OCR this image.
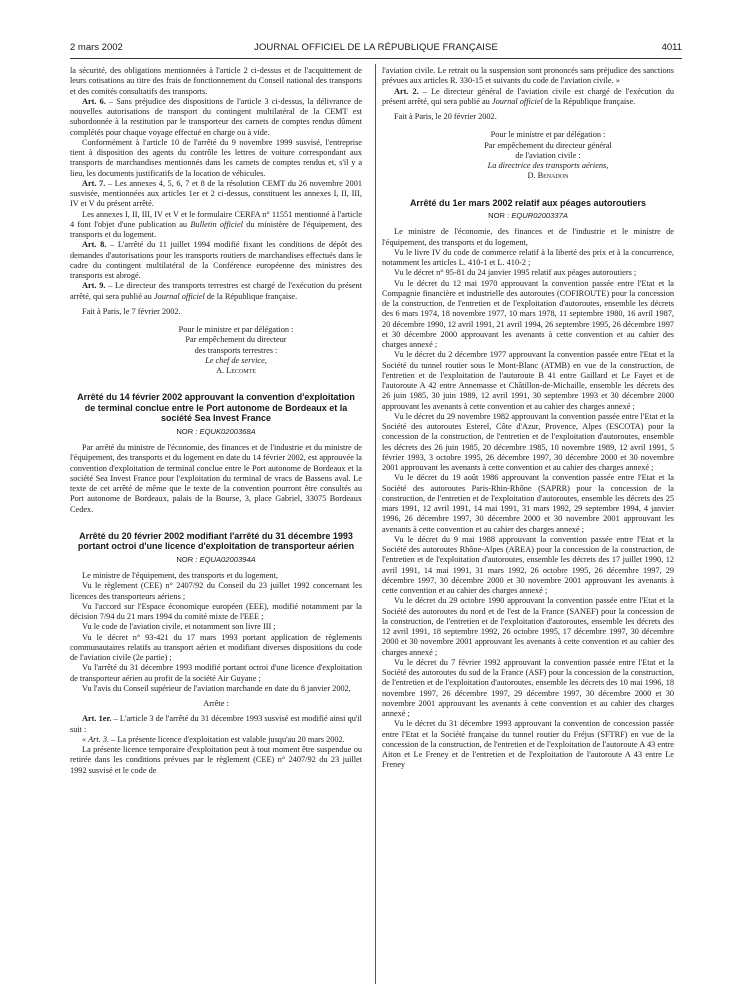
2 mars 2002	JOURNAL OFFICIEL DE LA RÉPUBLIQUE FRANÇAISE	4011

la sécurité, des obligations mentionnées à l'article 2 ci-dessus et de l'acquittement de leurs cotisations au titre des frais de fonctionnement du Conseil national des transports et des comités consultatifs des transports.

Art. 6. – Sans préjudice des dispositions de l'article 3 ci-dessus, la délivrance de nouvelles autorisations de transport du contingent multilatéral de la CEMT est subordonnée à la restitution par le transporteur des carnets de comptes rendus dûment complétés pour chaque voyage effectué en charge ou à vide.

Conformément à l'article 10 de l'arrêté du 9 novembre 1999 susvisé, l'entreprise tient à disposition des agents du contrôle les lettres de voiture correspondant aux transports de marchandises mentionnés dans les carnets de comptes rendus et, s'il y a lieu, les documents justificatifs de la location de véhicules.

Art. 7. – Les annexes 4, 5, 6, 7 et 8 de la résolution CEMT du 26 novembre 2001 susvisée, mentionnées aux articles 1er et 2 ci-dessus, constituent les annexes I, II, III, IV et V du présent arrêté.

Les annexes I, II, III, IV et V et le formulaire CERFA n° 11551 mentionné à l'article 4 font l'objet d'une publication au Bulletin officiel du ministère de l'équipement, des transports et du logement.

Art. 8. – L'arrêté du 11 juillet 1994 modifié fixant les conditions de dépôt des demandes d'autorisations pour les transports routiers de marchandises effectués dans le cadre du contingent multilatéral de la Conférence européenne des ministres des transports est abrogé.

Art. 9. – Le directeur des transports terrestres est chargé de l'exécution du présent arrêté, qui sera publié au Journal officiel de la République française.

Fait à Paris, le 7 février 2002.

Pour le ministre et par délégation :

Par empêchement du directeur

des transports terrestres :

Le chef de service,

A. Lecomte

Arrêté du 14 février 2002 approuvant la convention d'exploitation de terminal conclue entre le Port autonome de Bordeaux et la société Sea Invest France

NOR : EQUK0200368A

Par arrêté du ministre de l'économie, des finances et de l'industrie et du ministre de l'équipement, des transports et du logement en date du 14 février 2002, est approuvée la convention d'exploitation de terminal conclue entre le Port autonome de Bordeaux et la société Sea Invest France pour l'exploitation du terminal de vracs de Bassens aval. Le texte de cet arrêté de même que le texte de la convention pourront être consultés au Port autonome de Bordeaux, palais de la Bourse, 3, place Gabriel, 33075 Bordeaux Cedex.

Arrêté du 20 février 2002 modifiant l'arrêté du 31 décembre 1993 portant octroi d'une licence d'exploitation de transporteur aérien

NOR : EQUA0200394A

Le ministre de l'équipement, des transports et du logement,

Vu le règlement (CEE) n° 2407/92 du Conseil du 23 juillet 1992 concernant les licences des transporteurs aériens ;

Vu l'accord sur l'Espace économique européen (EEE), modifié notamment par la décision 7/94 du 21 mars 1994 du comité mixte de l'EEE ;

Vu le code de l'aviation civile, et notamment son livre III ;

Vu le décret n° 93-421 du 17 mars 1993 portant application de règlements communautaires relatifs au transport aérien et modifiant diverses dispositions du code de l'aviation civile (2e partie) ;

Vu l'arrêté du 31 décembre 1993 modifié portant octroi d'une licence d'exploitation de transporteur aérien au profit de la société Air Guyane ;

Vu l'avis du Conseil supérieur de l'aviation marchande en date du 8 janvier 2002,

Arrête :

Art. 1er. – L'article 3 de l'arrêté du 31 décembre 1993 susvisé est modifié ainsi qu'il suit :

« Art. 3. – La présente licence d'exploitation est valable jusqu'au 20 mars 2002.

La présente licence temporaire d'exploitation peut à tout moment être suspendue ou retirée dans les conditions prévues par le règlement (CEE) n° 2407/92 du 23 juillet 1992 susvisé et le code de

l'aviation civile. Le retrait ou la suspension sont prononcés sans préjudice des sanctions prévues aux articles R. 330-15 et suivants du code de l'aviation civile. »

Art. 2. – Le directeur général de l'aviation civile est chargé de l'exécution du présent arrêté, qui sera publié au Journal officiel de la République française.

Fait à Paris, le 20 février 2002.

Pour le ministre et par délégation :

Par empêchement du directeur général

de l'aviation civile :

La directrice des transports aériens,

D. Benadon

Arrêté du 1er mars 2002 relatif aux péages autoroutiers

NOR : EQUR0200337A

Le ministre de l'économie, des finances et de l'industrie et le ministre de l'équipement, des transports et du logement,

Vu le livre IV du code de commerce relatif à la liberté des prix et à la concurrence, notamment les articles L. 410-1 et L. 410-2 ;

Vu le décret n° 95-81 du 24 janvier 1995 relatif aux péages autoroutiers ;

Vu le décret du 12 mai 1970 approuvant la convention passée entre l'Etat et la Compagnie financière et industrielle des autoroutes (COFIROUTE) pour la concession de la construction, de l'entretien et de l'exploitation d'autoroutes, ensemble les décrets des 6 mars 1974, 18 novembre 1977, 10 mars 1978, 11 septembre 1980, 16 avril 1987, 20 décembre 1990, 12 avril 1991, 21 avril 1994, 26 septembre 1995, 26 décembre 1997 et 30 décembre 2000 approuvant les avenants à cette convention et au cahier des charges annexé ;

Vu le décret du 2 décembre 1977 approuvant la convention passée entre l'Etat et la Société du tunnel routier sous le Mont-Blanc (ATMB) en vue de la construction, de l'entretien et de l'exploitation de l'autoroute B 41 entre Gaillard et Le Fayet et de l'autoroute A 42 entre Annemasse et Châtillon-de-Michaille, ensemble les décrets des 26 juin 1985, 30 juin 1989, 12 avril 1991, 30 septembre 1993 et 30 décembre 2000 approuvant les avenants à cette convention et au cahier des charges annexé ;

Vu le décret du 29 novembre 1982 approuvant la convention passée entre l'Etat et la Société des autoroutes Esterel, Côte d'Azur, Provence, Alpes (ESCOTA) pour la concession de la construction, de l'entretien et de l'exploitation d'autoroutes, ensemble les décrets des 26 juin 1985, 20 décembre 1985, 10 novembre 1989, 12 avril 1991, 5 février 1993, 3 octobre 1995, 26 décembre 1997, 30 décembre 2000 et 30 novembre 2001 approuvant les avenants à cette convention et au cahier des charges annexé ;

Vu le décret du 19 août 1986 approuvant la convention passée entre l'Etat et la Société des autoroutes Paris-Rhin-Rhône (SAPRR) pour la concession de la construction, de l'entretien et de l'exploitation d'autoroutes, ensemble les décrets des 25 mars 1991, 12 avril 1991, 14 mai 1991, 31 mars 1992, 29 septembre 1994, 4 janvier 1996, 26 décembre 1997, 30 décembre 2000 et 30 novembre 2001 approuvant les avenants à cette convention et au cahier des charges annexé ;

Vu le décret du 9 mai 1988 approuvant la convention passée entre l'Etat et la Société des autoroutes Rhône-Alpes (AREA) pour la concession de la construction, de l'entretien et de l'exploitation d'autoroutes, ensemble les décrets des 17 juillet 1990, 12 avril 1991, 14 mai 1991, 31 mars 1992, 26 octobre 1995, 26 décembre 1997, 29 décembre 1997, 30 décembre 2000 et 30 novembre 2001 approuvant les avenants à cette convention et au cahier des charges annexé ;

Vu le décret du 29 octobre 1990 approuvant la convention passée entre l'Etat et la Société des autoroutes du nord et de l'est de la France (SANEF) pour la concession de la construction, de l'entretien et de l'exploitation d'autoroutes, ensemble les décrets des 12 avril 1991, 18 septembre 1992, 26 octobre 1995, 17 décembre 1997, 30 décembre 2000 et 30 novembre 2001 approuvant les avenants à cette convention et au cahier des charges annexé ;

Vu le décret du 7 février 1992 approuvant la convention passée entre l'Etat et la Société des autoroutes du sud de la France (ASF) pour la concession de la construction, de l'entretien et de l'exploitation d'autoroutes, ensemble les décrets des 10 mai 1996, 18 novembre 1997, 26 décembre 1997, 29 décembre 1997, 30 décembre 2000 et 30 novembre 2001 approuvant les avenants à cette convention et au cahier des charges annexé ;

Vu le décret du 31 décembre 1993 approuvant la convention de concession passée entre l'Etat et la Société française du tunnel routier du Fréjus (SFTRF) en vue de la concession de la construction, de l'entretien et de l'exploitation de l'autoroute A 43 entre Aiton et Le Freney et de l'entretien et de l'exploitation de l'autoroute A 43 entre Le Freney
